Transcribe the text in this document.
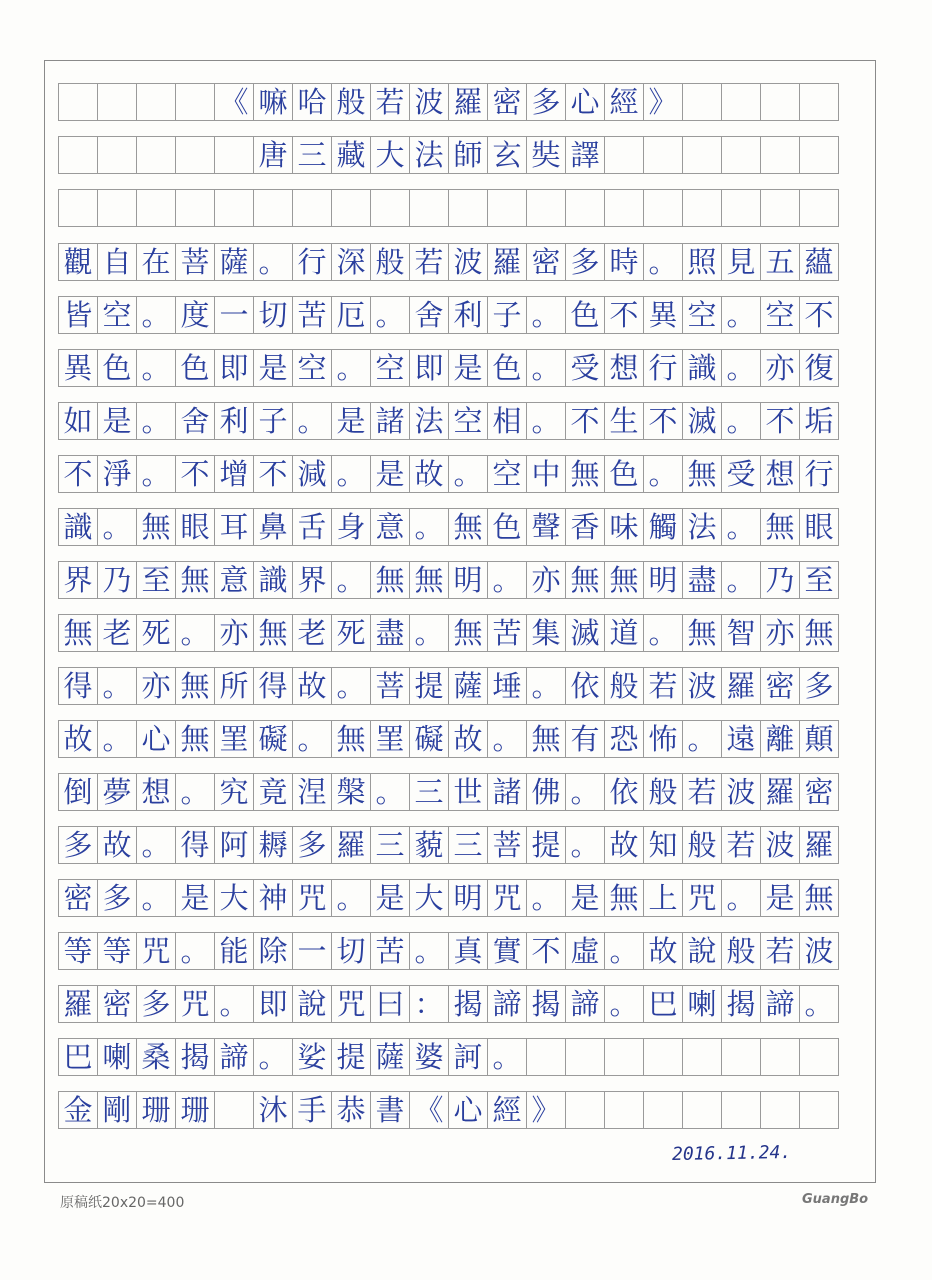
《 嘛 哈 般 若 波 羅 密 多 心 經 》
唐 三 藏 大 法 師 玄 奘 譯
觀 自 在 菩 薩 。 行 深 般 若 波 羅 密 多 時 。 照 見 五 蘊
皆 空 。 度 一 切 苦 厄 。 舍 利 子 。 色 不 異 空 。 空 不
異 色 。 色 即 是 空 。 空 即 是 色 。 受 想 行 識 。 亦 復
如 是 。 舍 利 子 。 是 諸 法 空 相 。 不 生 不 滅 。 不 垢
不 淨 。 不 增 不 減 。 是 故 。 空 中 無 色 。 無 受 想 行
識 。 無 眼 耳 鼻 舌 身 意 。 無 色 聲 香 味 觸 法 。 無 眼
界 乃 至 無 意 識 界 。 無 無 明 。 亦 無 無 明 盡 。 乃 至
無 老 死 。 亦 無 老 死 盡 。 無 苦 集 滅 道 。 無 智 亦 無
得 。 亦 無 所 得 故 。 菩 提 薩 埵 。 依 般 若 波 羅 密 多
故 。 心 無 罣 礙 。 無 罣 礙 故 。 無 有 恐 怖 。 遠 離 顛
倒 夢 想 。 究 竟 涅 槃 。 三 世 諸 佛 。 依 般 若 波 羅 密
多 故 。 得 阿 耨 多 羅 三 藐 三 菩 提 。 故 知 般 若 波 羅
密 多 。 是 大 神 咒 。 是 大 明 咒 。 是 無 上 咒 。 是 無
等 等 咒 。 能 除 一 切 苦 。 真 實 不 虛 。 故 說 般 若 波
羅 密 多 咒 。 即 說 咒 曰 ： 揭 諦 揭 諦 。 巴 喇 揭 諦 。
巴 喇 桑 揭 諦 。 娑 提 薩 婆 訶 。
金 剛 珊 珊 沐 手 恭 書 《 心 經 》
2016.11.24.
原稿纸20x20=400	GuangBo
